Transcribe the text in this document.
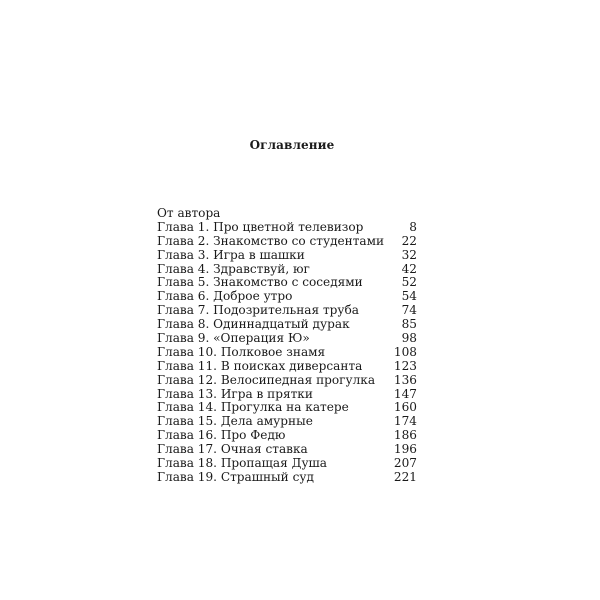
Оглавление
От автора
Глава 1. Про цветной телевизор	8
Глава 2. Знакомство со студентами 22
Глава 3. Игра в шашки	32
Глава 4. Здравствуй, юг	42
Глава 5. Знакомство с соседями	52
Глава 6. Доброе утро	54
Глава 7. Подозрительная труба	74
Глава 8. Одиннадцатый дурак	85
Глава 9. «Операция Ю»	98
Глава 10. Полковое знамя	108
Глава 11. В поисках диверсанта	123
Глава 12. Велосипедная прогулка 136
Глава 13. Игра в прятки	147
Глава 14. Прогулка на катере	160
Глава 15. Дела амурные	174
Глава 16. Про Федю	186
Глава 17. Очная ставка	196
Глава 18. Пропащая Душа	207
Глава 19. Страшный суд	221
